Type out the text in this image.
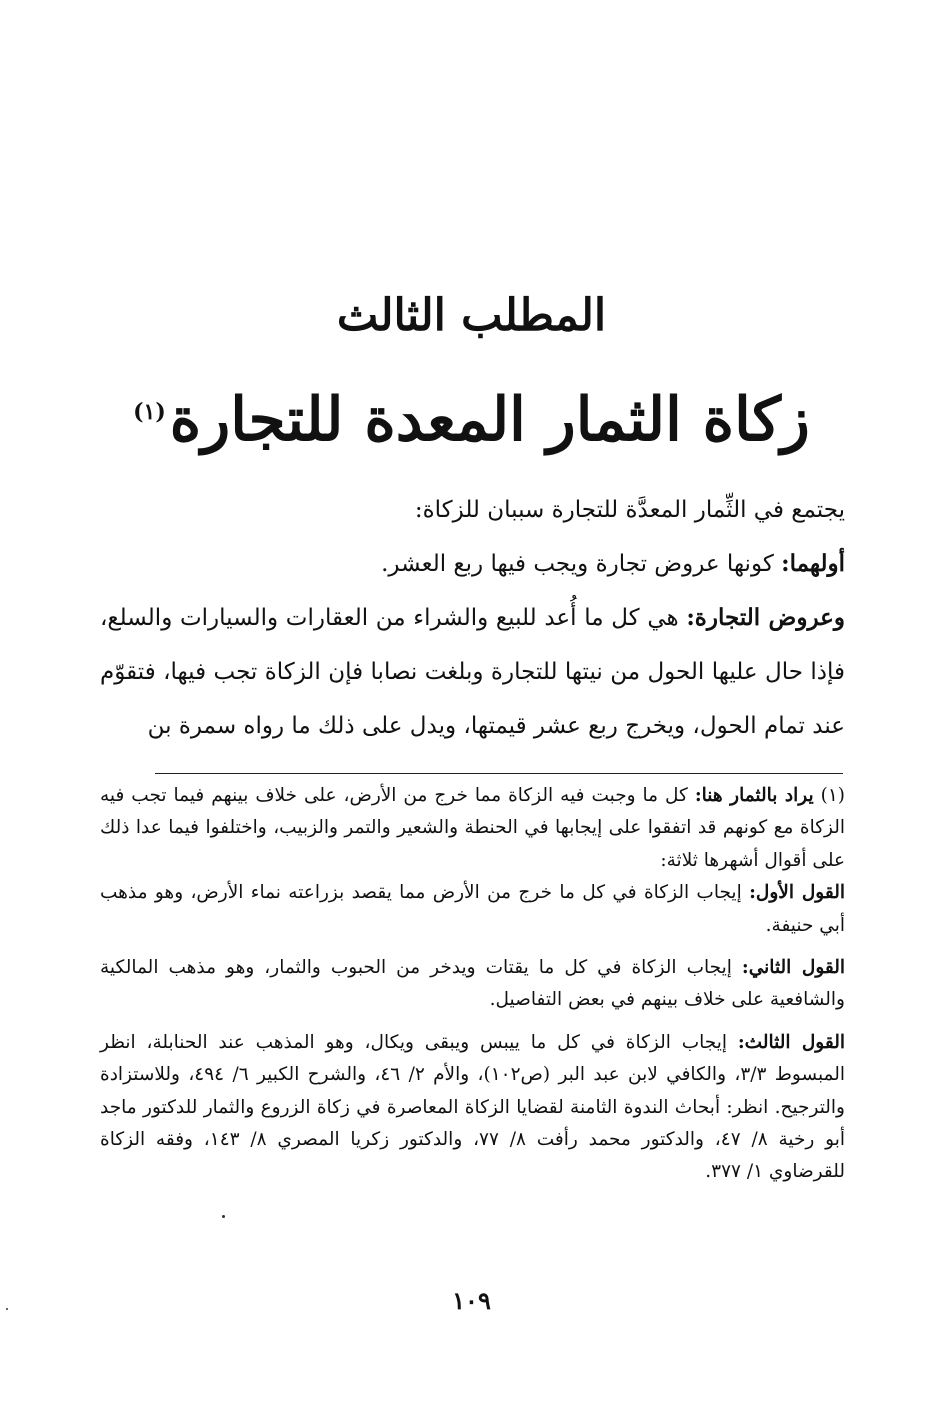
المطلب الثالث
زكاة الثمار المعدة للتجارة$^{(١)}$

يجتمع في الثِّمار المعدَّة للتجارة سببان للزكاة:

أولهما: كونها عروض تجارة ويجب فيها ربع العشر.

وعروض التجارة: هي كل ما أُعد للبيع والشراء من العقارات والسيارات والسلع، فإذا حال عليها الحول من نيتها للتجارة وبلغت نصابا فإن الزكاة تجب فيها، فتقوّم عند تمام الحول، ويخرج ربع عشر قيمتها، ويدل على ذلك ما رواه سمرة بن

(١) يراد بالثمار هنا: كل ما وجبت فيه الزكاة مما خرج من الأرض، على خلاف بينهم فيما تجب فيه الزكاة مع كونهم قد اتفقوا على إيجابها في الحنطة والشعير والتمر والزبيب، واختلفوا فيما عدا ذلك على أقوال أشهرها ثلاثة:

القول الأول: إيجاب الزكاة في كل ما خرج من الأرض مما يقصد بزراعته نماء الأرض، وهو مذهب أبي حنيفة.

القول الثاني: إيجاب الزكاة في كل ما يقتات ويدخر من الحبوب والثمار، وهو مذهب المالكية والشافعية على خلاف بينهم في بعض التفاصيل.

القول الثالث: إيجاب الزكاة في كل ما ييبس ويبقى ويكال، وهو المذهب عند الحنابلة، انظر المبسوط ٣/٣، والكافي لابن عبد البر (ص١٠٢)، والأم ٢/ ٤٦، والشرح الكبير ٦/ ٤٩٤، وللاستزادة والترجيح. انظر: أبحاث الندوة الثامنة لقضايا الزكاة المعاصرة في زكاة الزروع والثمار للدكتور ماجد أبو رخية ٨/ ٤٧، والدكتور محمد رأفت ٨/ ٧٧، والدكتور زكريا المصري ٨/ ١٤٣، وفقه الزكاة للقرضاوي ١/ ٣٧٧.

١٠٩
